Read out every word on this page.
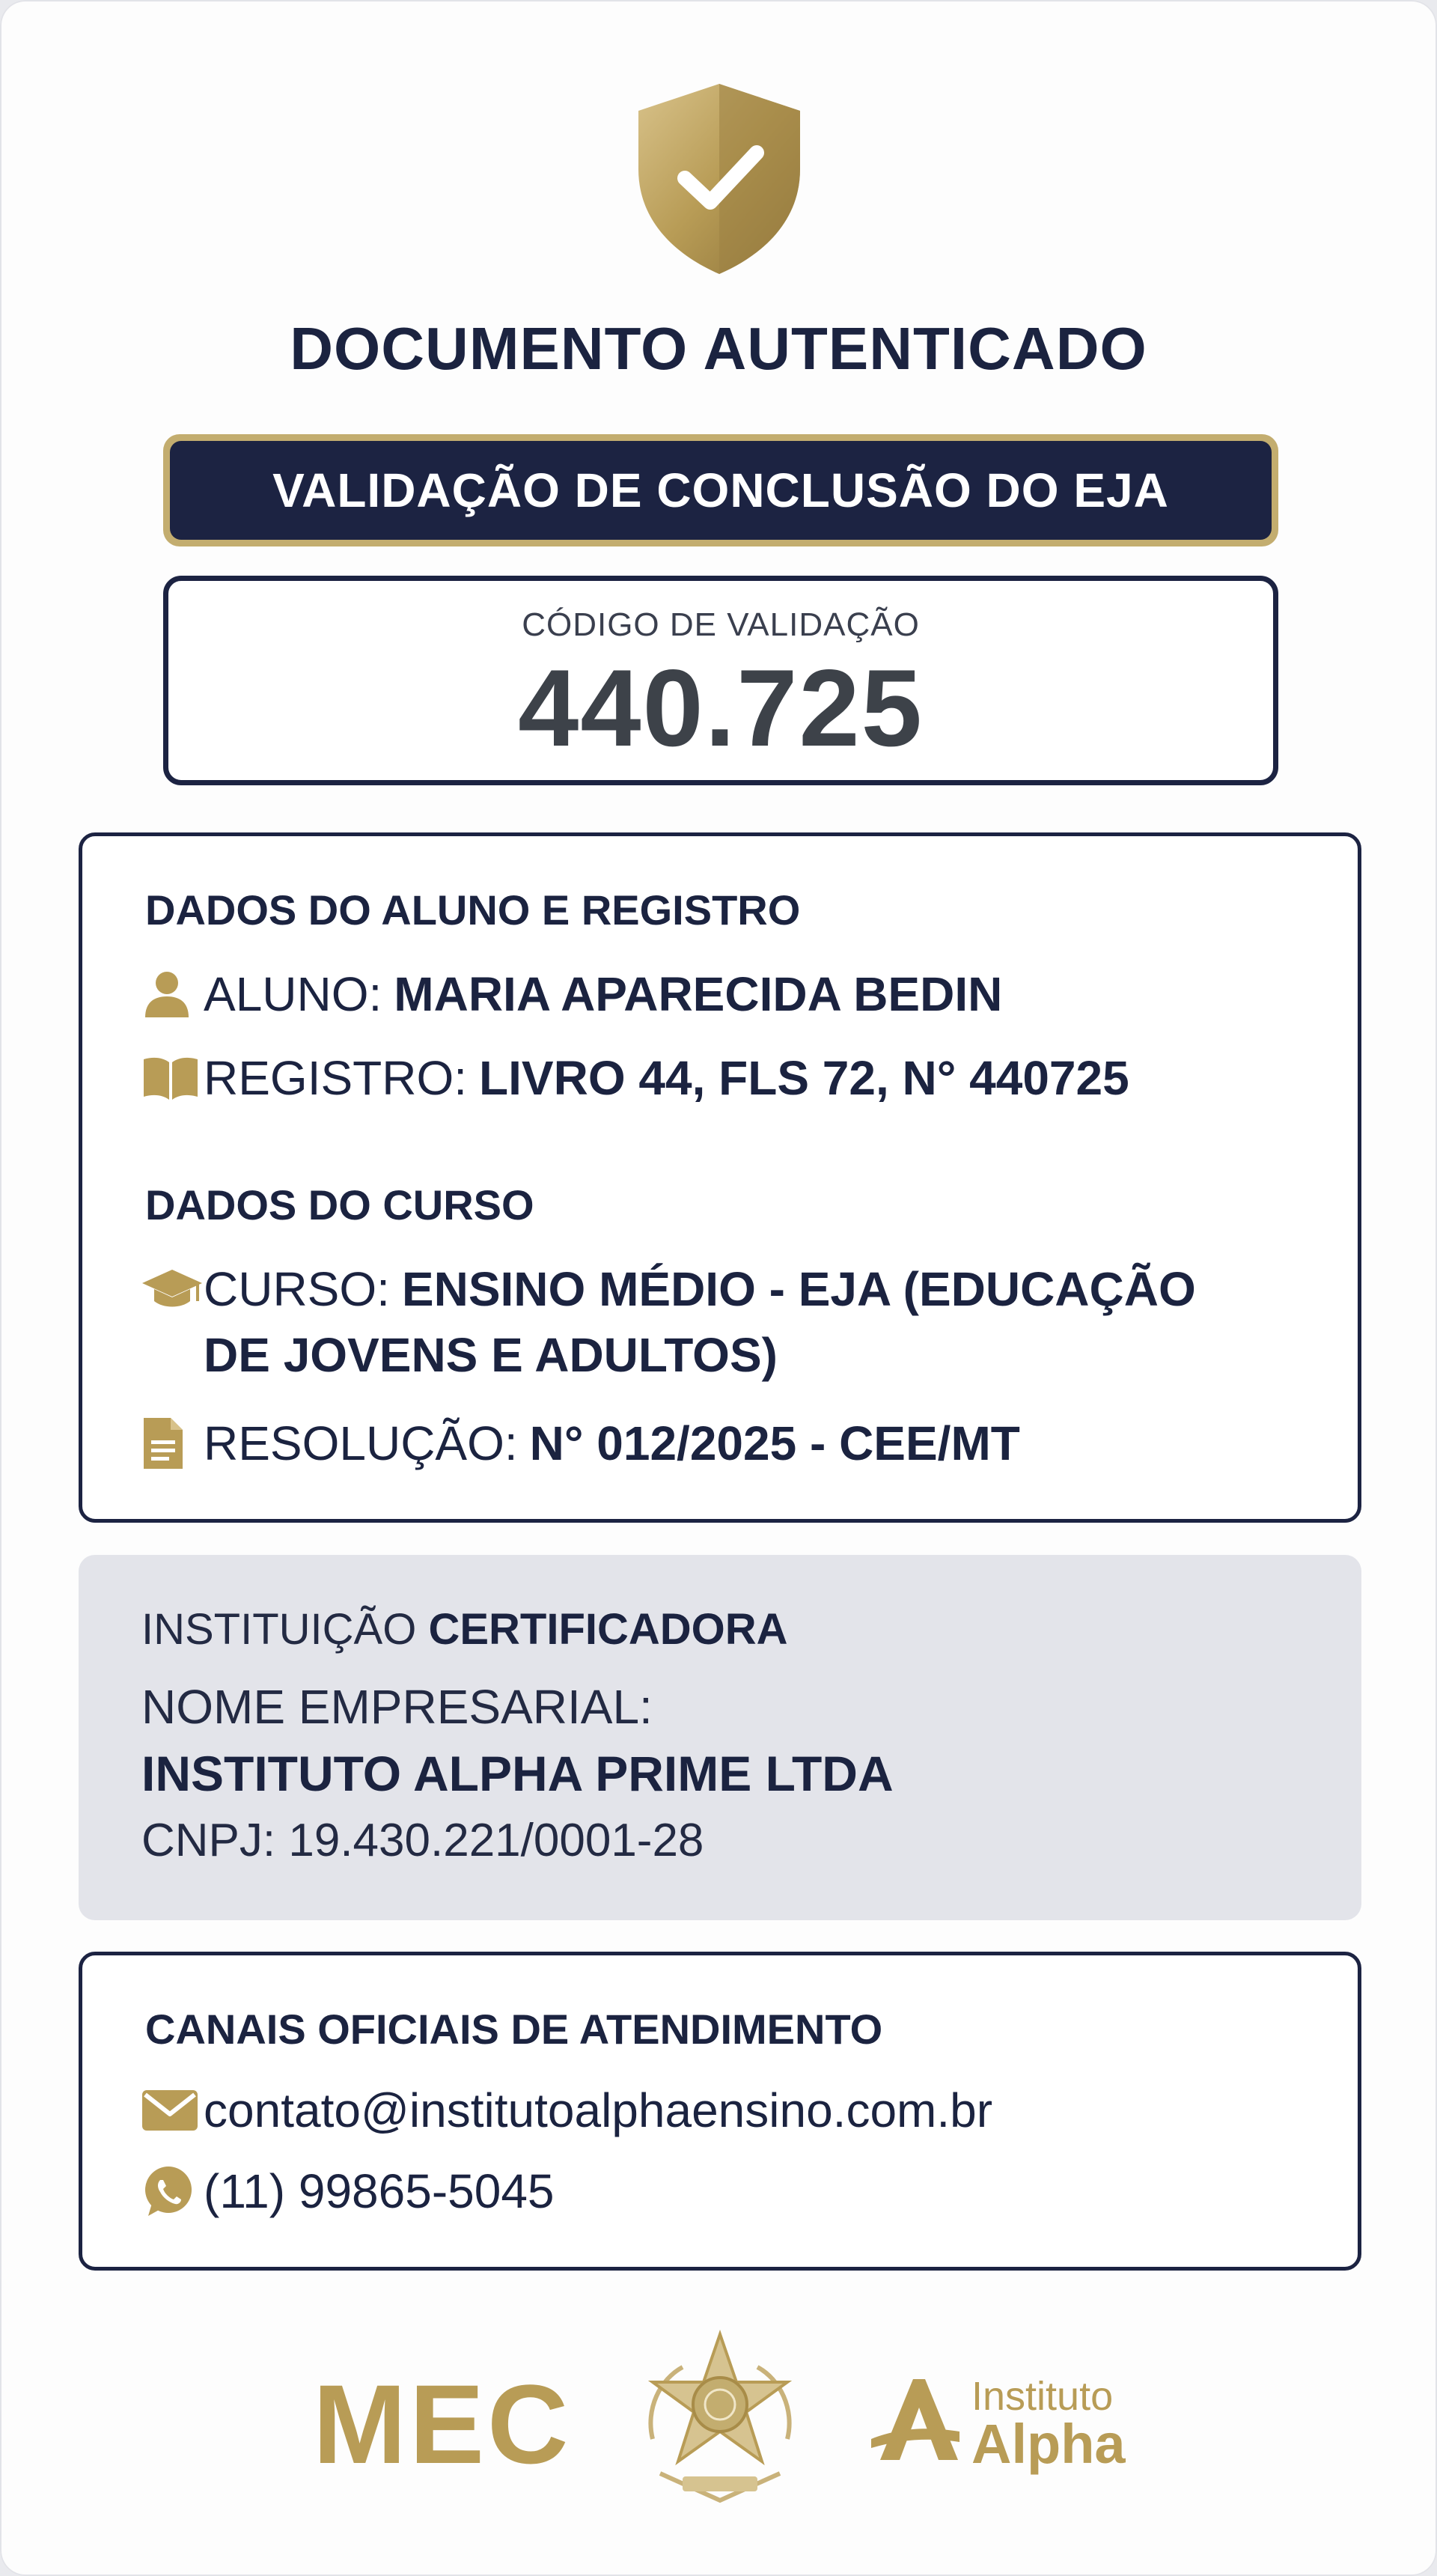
DOCUMENTO AUTENTICADO
VALIDAÇÃO DE CONCLUSÃO DO EJA
CÓDIGO DE VALIDAÇÃO
440.725
DADOS DO ALUNO E REGISTRO
ALUNO: MARIA APARECIDA BEDIN
REGISTRO: LIVRO 44, FLS 72, N° 440725
DADOS DO CURSO
CURSO: ENSINO MÉDIO - EJA (EDUCAÇÃO
DE JOVENS E ADULTOS)
RESOLUÇÃO: N° 012/2025 - CEE/MT
INSTITUIÇÃO CERTIFICADORA
NOME EMPRESARIAL:
INSTITUTO ALPHA PRIME LTDA
CNPJ: 19.430.221/0001-28
CANAIS OFICIAIS DE ATENDIMENTO
contato@institutoalphaensino.com.br
(11) 99865-5045
MEC	Instituto
Alpha
